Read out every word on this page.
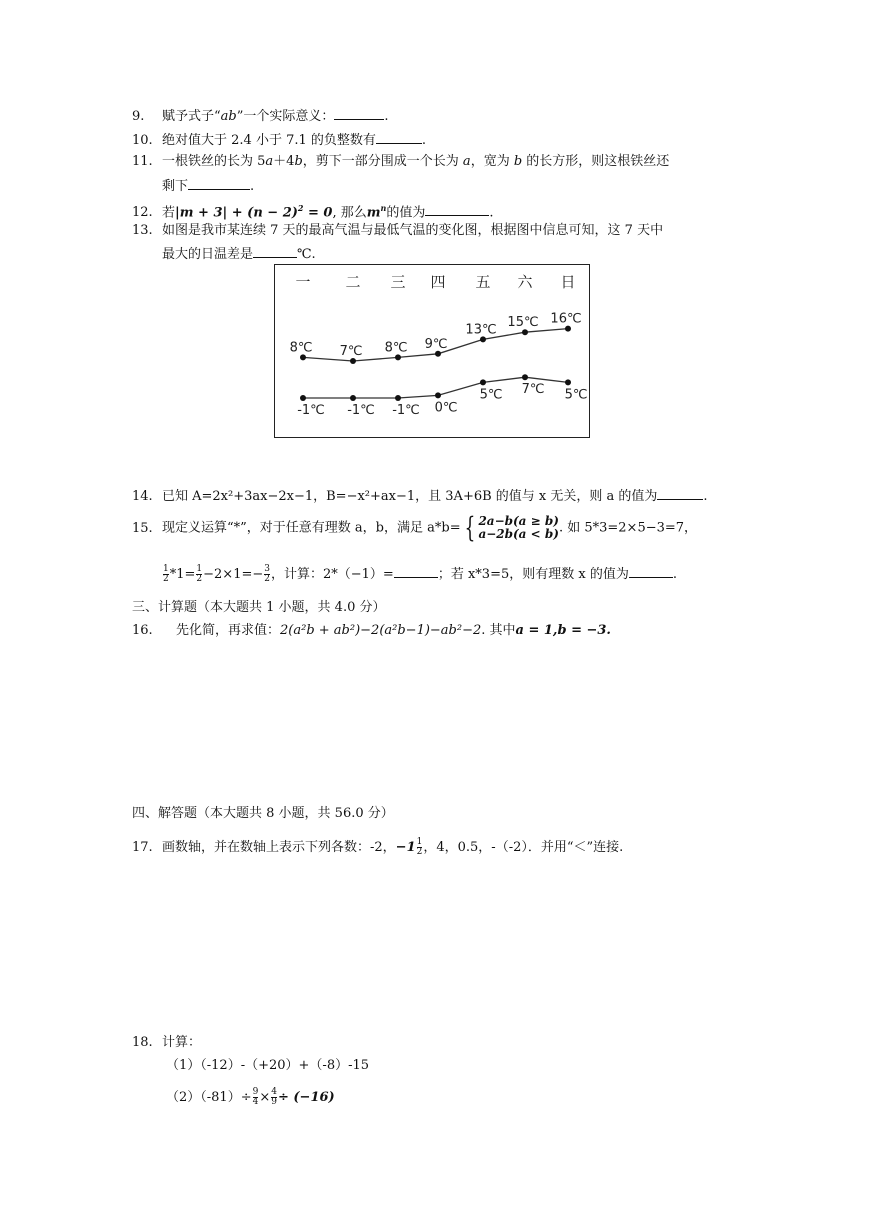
9. 赋予式子“ab”一个实际意义：	.
10. 绝对值大于 2.4 小于 7.1 的负整数有	.
11. 一根铁丝的长为 5a＋4b，剪下一部分围成一个长为 a，宽为 b 的长方形，则这根铁丝还
剩下	.
12. 若$|m + 3| + (n - 2)^2 = 0$, 那么$m^n$的值为	.
13. 如图是我市某连续 7 天的最高气温与最低气温的变化图，根据图中信息可知，这 7 天中
最大的日温差是	℃.
一 二 三 四 五 六 日
8℃ 7℃ 8℃ 9℃
13℃ 15℃ 16℃
-1℃ -1℃ -1℃ 0℃
5℃ 7℃ 5℃
14. 已知 A=2x²+3ax−2x−1，B=−x²+ax−1，且 3A+6B 的值与 x 无关，则 a 的值为	.
15. 现定义运算“*”，对于任意有理数 a，b，满足 a*b= { 2a−b(a ≥ b)
a−2b(a < b) . 如 5*3=2×5−3=7，
$\frac{1}{2} *1= \frac{1}{2} -2\times 1=- \frac{3}{2}$ ，计算：2*（−1）=	；若 x*3=5，则有理数 x 的值为	.
三、计算题（本大题共 1 小题，共 4.0 分）
16. 先化简，再求值：2(a²b + ab²)−2(a²b−1)−ab²−2. 其中a = 1,b = −3.
四、解答题（本大题共 8 小题，共 56.0 分）
17. 画数轴，并在数轴上表示下列各数：-2，$-1 \frac{1}{2}$ ，4，0.5，-（-2）．并用“＜”连接.
18. 计算：
（1）（-12）-（+20）+（-8）-15
$(2)(-81)\div \frac{9}{4} \times \frac{4}{9} \div (-16)$
